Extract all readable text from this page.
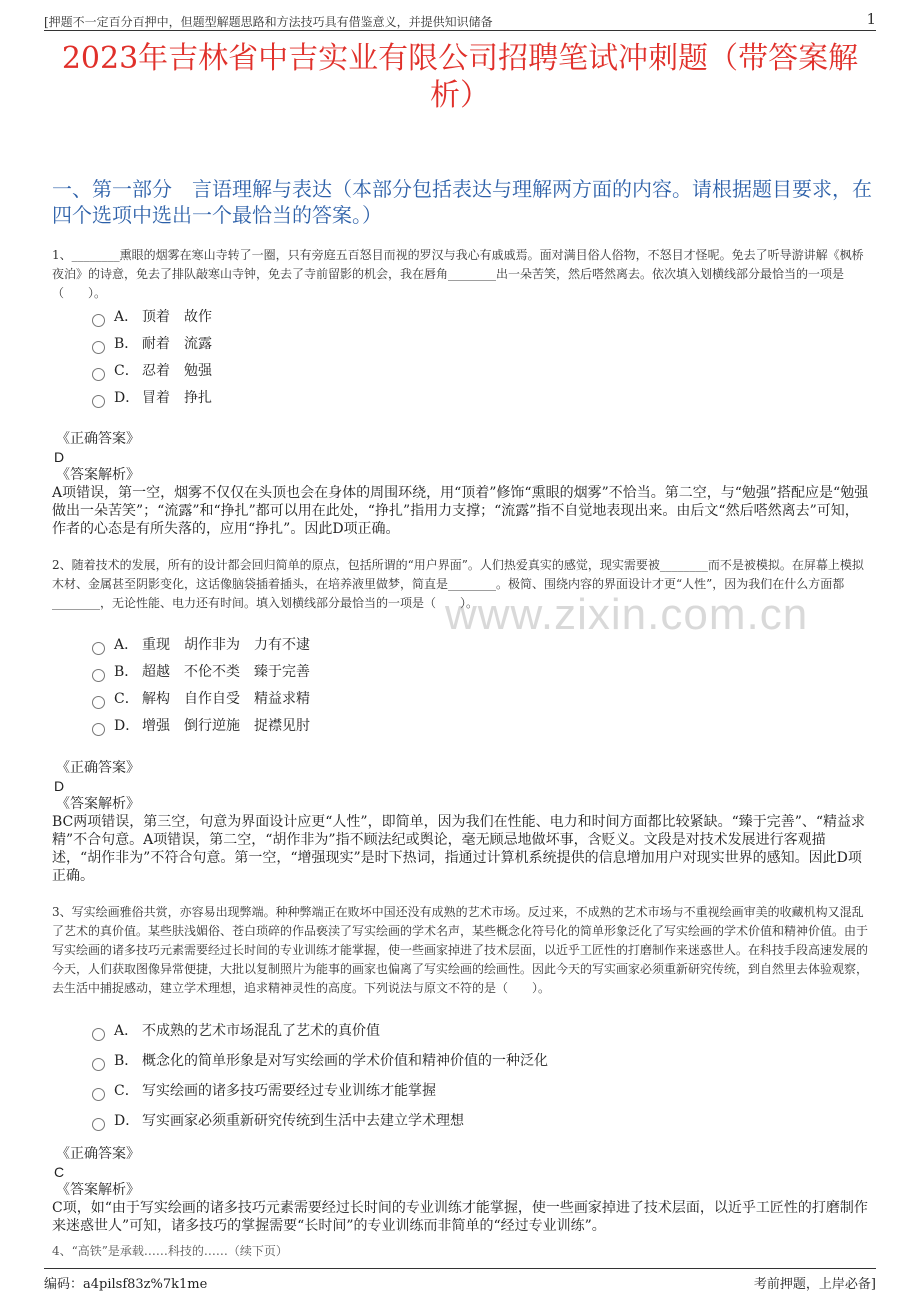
[押题不一定百分百押中，但题型解题思路和方法技巧具有借鉴意义，并提供知识储备	1
2023年吉林省中吉实业有限公司招聘笔试冲刺题（带答案解析）
一、第一部分　言语理解与表达（本部分包括表达与理解两方面的内容。请根据题目要求，在四个选项中选出一个最恰当的答案。）
www.zixin.com.cn
1、________熏眼的烟雾在寒山寺转了一圈，只有旁庭五百怒目而视的罗汉与我心有戚戚焉。面对满目俗人俗物，不怒目才怪呢。免去了听导游讲解《枫桥夜泊》的诗意，免去了排队敲寒山寺钟，免去了寺前留影的机会，我在唇角________出一朵苦笑，然后嗒然离去。依次填入划横线部分最恰当的一项是（　　）。
A． 顶着　故作
B． 耐着　流露
C． 忍着　勉强
D． 冒着　挣扎
《正确答案》
D
《答案解析》
A项错误，第一空，烟雾不仅仅在头顶也会在身体的周围环绕，用“顶着”修饰“熏眼的烟雾”不恰当。第二空，与“勉强”搭配应是“勉强做出一朵苦笑”；“流露”和“挣扎”都可以用在此处，“挣扎”指用力支撑；“流露”指不自觉地表现出来。由后文“然后嗒然离去”可知，作者的心态是有所失落的，应用“挣扎”。因此D项正确。
2、随着技术的发展，所有的设计都会回归简单的原点，包括所谓的“用户界面”。人们热爱真实的感觉，现实需要被________而不是被模拟。在屏幕上模拟木材、金属甚至阴影变化，这话像脑袋插着插头，在培养液里做梦，简直是________。极简、围绕内容的界面设计才更“人性”，因为我们在什么方面都________，无论性能、电力还有时间。填入划横线部分最恰当的一项是（　　）。
A． 重现　胡作非为　力有不逮
B． 超越　不伦不类　臻于完善
C． 解构　自作自受　精益求精
D． 增强　倒行逆施　捉襟见肘
《正确答案》
D
《答案解析》
BC两项错误，第三空，句意为界面设计应更“人性”，即简单，因为我们在性能、电力和时间方面都比较紧缺。“臻于完善”、“精益求精”不合句意。A项错误，第二空，“胡作非为”指不顾法纪或舆论，毫无顾忌地做坏事，含贬义。文段是对技术发展进行客观描述，“胡作非为”不符合句意。第一空，“增强现实”是时下热词，指通过计算机系统提供的信息增加用户对现实世界的感知。因此D项正确。
3、写实绘画雅俗共赏，亦容易出现弊端。种种弊端正在败坏中国还没有成熟的艺术市场。反过来，不成熟的艺术市场与不重视绘画审美的收藏机构又混乱了艺术的真价值。某些肤浅媚俗、苍白琐碎的作品亵渎了写实绘画的学术名声，某些概念化符号化的简单形象泛化了写实绘画的学术价值和精神价值。由于写实绘画的诸多技巧元素需要经过长时间的专业训练才能掌握，使一些画家掉进了技术层面，以近乎工匠性的打磨制作来迷惑世人。在科技手段高速发展的今天，人们获取图像异常便捷，大批以复制照片为能事的画家也偏离了写实绘画的绘画性。因此今天的写实画家必须重新研究传统，到自然里去体验观察，去生活中捕捉感动，建立学术理想，追求精神灵性的高度。下列说法与原文不符的是（　　）。
A． 不成熟的艺术市场混乱了艺术的真价值
B． 概念化的简单形象是对写实绘画的学术价值和精神价值的一种泛化
C． 写实绘画的诸多技巧需要经过专业训练才能掌握
D． 写实画家必须重新研究传统到生活中去建立学术理想
《正确答案》
C
《答案解析》
C项，如“由于写实绘画的诸多技巧元素需要经过长时间的专业训练才能掌握，使一些画家掉进了技术层面，以近乎工匠性的打磨制作来迷惑世人”可知，诸多技巧的掌握需要“长时间”的专业训练而非简单的“经过专业训练”。
4、“高铁”是承载……科技的……（续下页）
编码：a4pilsf83z%7k1me	考前押题，上岸必备]
